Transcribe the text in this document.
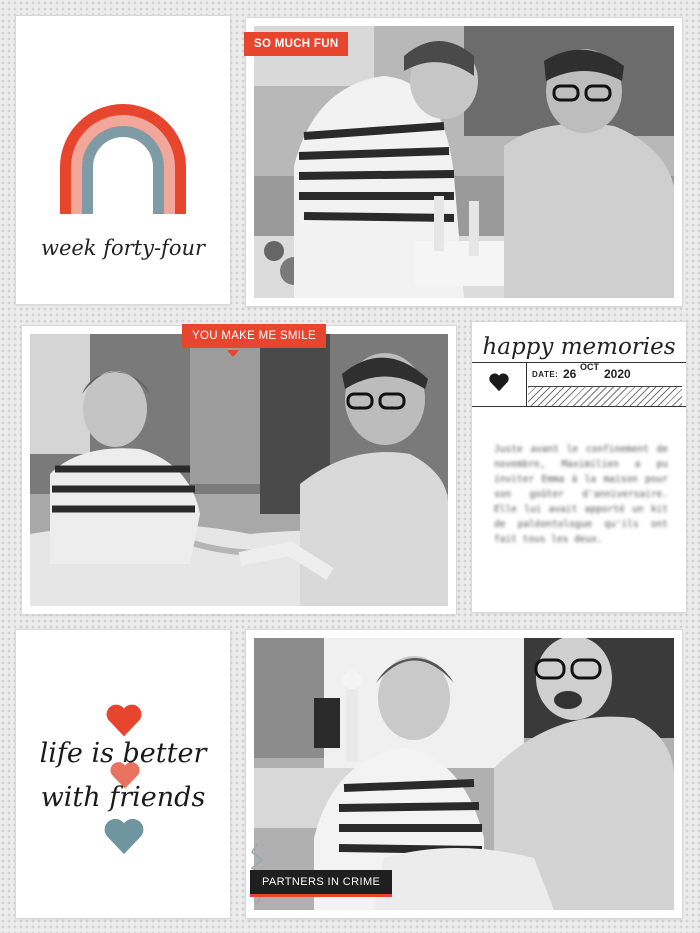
week forty-four
SO MUCH FUN
YOU MAKE ME SMILE	happy memories
DATE: 26 OCT 2020
Juste avant le confinement de novembre, Maximilien a pu inviter Emma à la maison pour son goûter d'anniversaire. Elle lui avait apporté un kit de paléontologue qu'ils ont fait tous les deux.
life is better
with friends
PARTNERS IN CRIME
